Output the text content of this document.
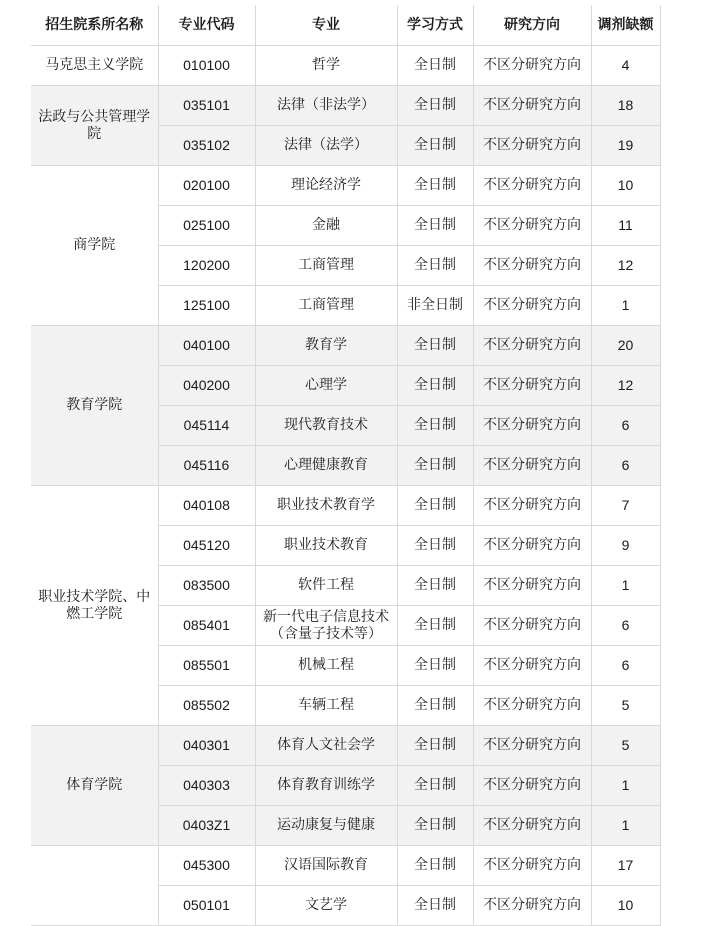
招生院系所名称	专业代码	专业	学习方式	研究方向	调剂缺额
马克思主义学院	010100	哲学	全日制	不区分研究方向	4
法政与公共管理学院	035101	法律（非法学）	全日制	不区分研究方向	18
	035102	法律（法学）	全日制	不区分研究方向	19
商学院	020100	理论经济学	全日制	不区分研究方向	10
	025100	金融	全日制	不区分研究方向	11
	120200	工商管理	全日制	不区分研究方向	12
	125100	工商管理	非全日制	不区分研究方向	1
教育学院	040100	教育学	全日制	不区分研究方向	20
	040200	心理学	全日制	不区分研究方向	12
	045114	现代教育技术	全日制	不区分研究方向	6
	045116	心理健康教育	全日制	不区分研究方向	6
职业技术学院、中燃工学院	040108	职业技术教育学	全日制	不区分研究方向	7
	045120	职业技术教育	全日制	不区分研究方向	9
	083500	软件工程	全日制	不区分研究方向	1
	085401	新一代电子信息技术（含量子技术等）	全日制	不区分研究方向	6
	085501	机械工程	全日制	不区分研究方向	6
	085502	车辆工程	全日制	不区分研究方向	5
体育学院	040301	体育人文社会学	全日制	不区分研究方向	5
	040303	体育教育训练学	全日制	不区分研究方向	1
	0403Z1	运动康复与健康	全日制	不区分研究方向	1
	045300	汉语国际教育	全日制	不区分研究方向	17
	050101	文艺学	全日制	不区分研究方向	10
